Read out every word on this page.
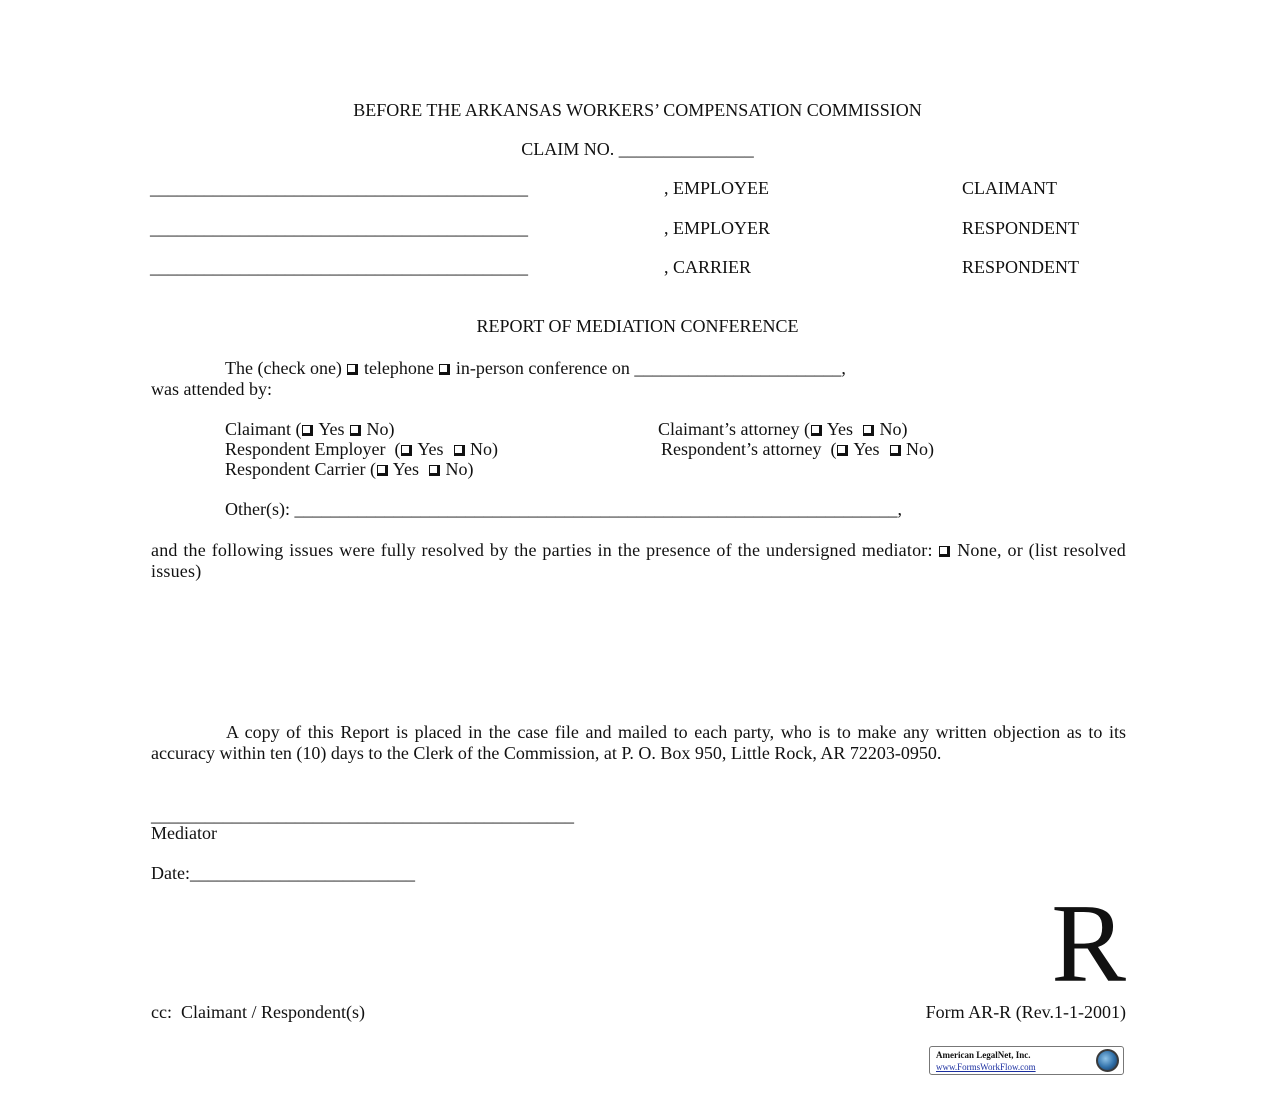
BEFORE THE ARKANSAS WORKERS’ COMPENSATION COMMISSION
CLAIM NO. _______________
__________________________________________	, EMPLOYEE	CLAIMANT
__________________________________________	, EMPLOYER	RESPONDENT
__________________________________________	, CARRIER	RESPONDENT
REPORT OF MEDIATION CONFERENCE
The (check one) telephone in-person conference on _______________________,
was attended by:
Claimant ( Yes No)	Claimant’s attorney ( Yes No)
Respondent Employer  ( Yes No)	Respondent’s attorney  ( Yes No)
Respondent Carrier ( Yes No)
Other(s): ___________________________________________________________________,
and the following issues were fully resolved by the parties in the presence of the undersigned mediator: None, or (list resolved issues)
A copy of this Report is placed in the case file and mailed to each party, who is to make any written objection as to its accuracy within ten (10) days to the Clerk of the Commission, at P. O. Box 950, Little Rock, AR 72203-0950.
_______________________________________________
Mediator
Date:_________________________
R
cc:  Claimant / Respondent(s)	Form AR-R (Rev.1-1-2001)
American LegalNet, Inc.
www.FormsWorkFlow.com
